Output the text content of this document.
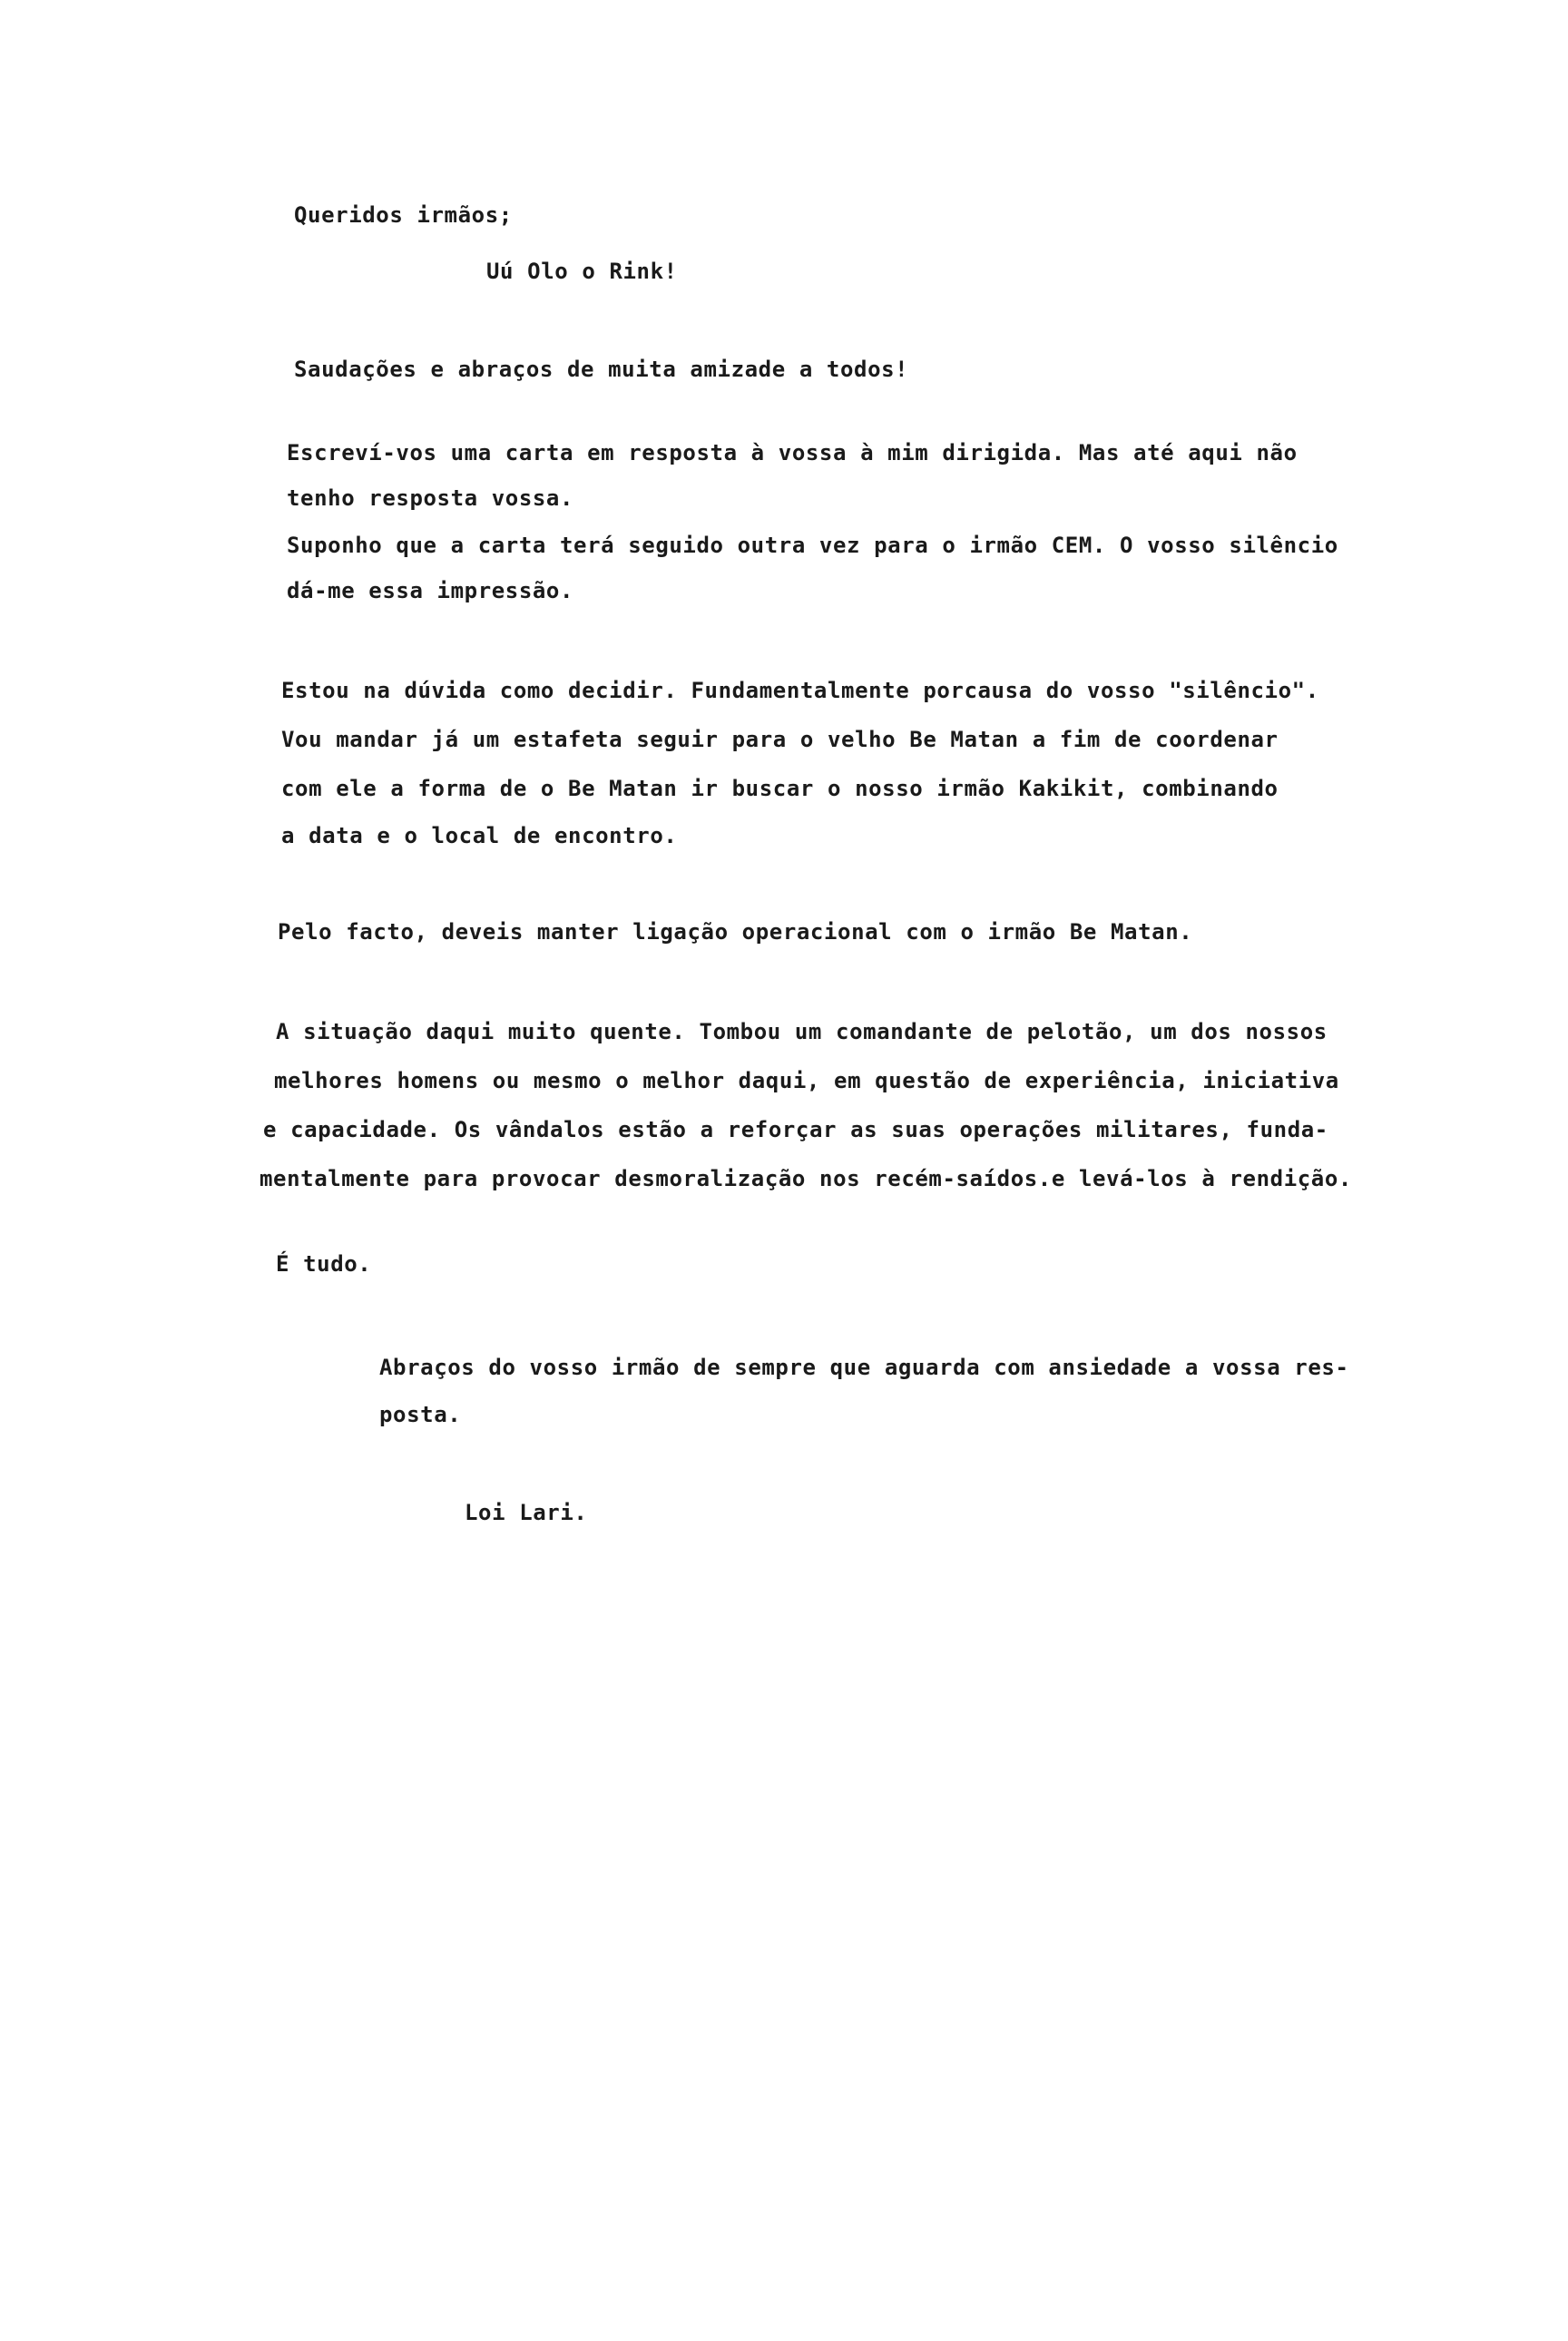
Queridos irmãos;
Uú Olo o Rink!
Saudações e abraços de muita amizade a todos!
Escreví-vos uma carta em resposta à vossa à mim dirigida. Mas até aqui não
tenho resposta vossa.
Suponho que a carta terá seguido outra vez para o irmão CEM. O vosso silêncio
dá-me essa impressão.
Estou na dúvida como decidir. Fundamentalmente porcausa do vosso "silêncio".
Vou mandar já um estafeta seguir para o velho Be Matan a fim de coordenar
com ele a forma de o Be Matan ir buscar o nosso irmão Kakikit, combinando
a data e o local de encontro.
Pelo facto, deveis manter ligação operacional com o irmão Be Matan.
A situação daqui muito quente. Tombou um comandante de pelotão, um dos nossos
melhores homens ou mesmo o melhor daqui, em questão de experiência, iniciativa
e capacidade. Os vândalos estão a reforçar as suas operações militares, funda-
mentalmente para provocar desmoralização nos recém-saídos.e levá-los à rendição.
É tudo.
Abraços do vosso irmão de sempre que aguarda com ansiedade a vossa res-
posta.
Loi Lari.
